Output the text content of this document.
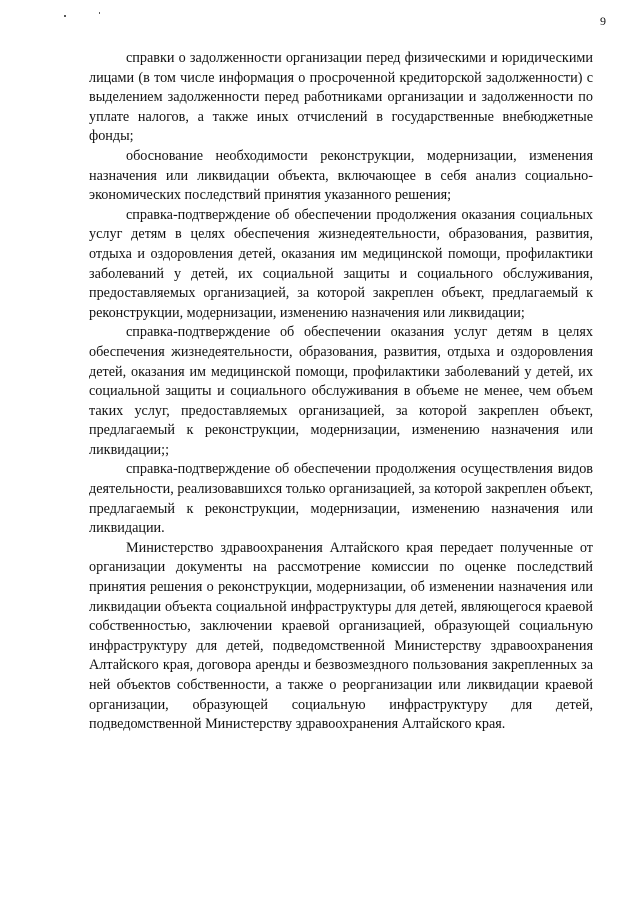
9

справки о задолженности организации перед физическими и юридическими лицами (в том числе информация о просроченной кредиторской задолженности) с выделением задолженности перед работниками организации и задолженности по уплате налогов, а также иных отчислений в государственные внебюджетные фонды;

обоснование необходимости реконструкции, модернизации, изменения назначения или ликвидации объекта, включающее в себя анализ социально-экономических последствий принятия указанного решения;

справка-подтверждение об обеспечении продолжения оказания социальных услуг детям в целях обеспечения жизнедеятельности, образования, развития, отдыха и оздоровления детей, оказания им медицинской помощи, профилактики заболеваний у детей, их социальной защиты и социального обслуживания, предоставляемых организацией, за которой закреплен объект, предлагаемый к реконструкции, модернизации, изменению назначения или ликвидации;

справка-подтверждение об обеспечении оказания услуг детям в целях обеспечения жизнедеятельности, образования, развития, отдыха и оздоровления детей, оказания им медицинской помощи, профилактики заболеваний у детей, их социальной защиты и социального обслуживания в объеме не менее, чем объем таких услуг, предоставляемых организацией, за которой закреплен объект, предлагаемый к реконструкции, модернизации, изменению назначения или ликвидации;;

справка-подтверждение об обеспечении продолжения осуществления видов деятельности, реализовавшихся только организацией, за которой закреплен объект, предлагаемый к реконструкции, модернизации, изменению назначения или ликвидации.

Министерство здравоохранения Алтайского края передает полученные от организации документы на рассмотрение комиссии по оценке последствий принятия решения о реконструкции, модернизации, об изменении назначения или ликвидации объекта социальной инфраструктуры для детей, являющегося краевой собственностью, заключении краевой организацией, образующей социальную инфраструктуру для детей, подведомственной Министерству здравоохранения Алтайского края, договора аренды и безвозмездного пользования закрепленных за ней объектов собственности, а также о реорганизации или ликвидации краевой организации, образующей социальную инфраструктуру для детей, подведомственной Министерству здравоохранения Алтайского края.
